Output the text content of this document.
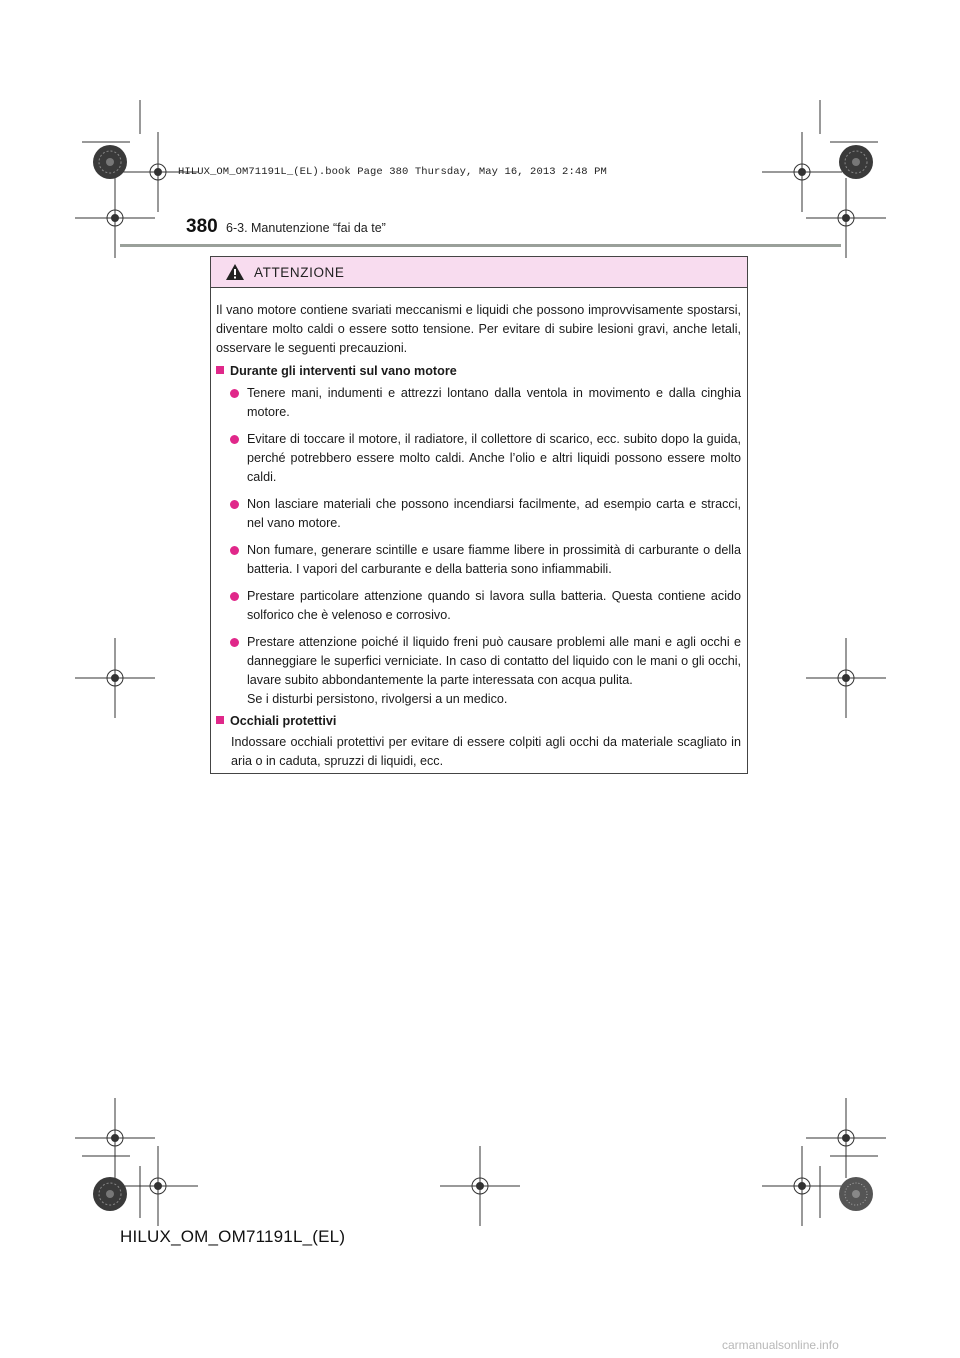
HILUX_OM_OM71191L_(EL).book Page 380 Thursday, May 16, 2013 2:48 PM
380 6-3. Manutenzione “fai da te”
ATTENZIONE

Il vano motore contiene svariati meccanismi e liquidi che possono improvvisamente spostarsi, diventare molto caldi o essere sotto tensione. Per evitare di subire lesioni gravi, anche letali, osservare le seguenti precauzioni.

Durante gli interventi sul vano motore
Tenere mani, indumenti e attrezzi lontano dalla ventola in movimento e dalla cinghia motore.
Evitare di toccare il motore, il radiatore, il collettore di scarico, ecc. subito dopo la guida, perché potrebbero essere molto caldi. Anche l’olio e altri liquidi possono essere molto caldi.
Non lasciare materiali che possono incendiarsi facilmente, ad esempio carta e stracci, nel vano motore.
Non fumare, generare scintille e usare fiamme libere in prossimità di carburante o della batteria. I vapori del carburante e della batteria sono infiammabili.
Prestare particolare attenzione quando si lavora sulla batteria. Questa contiene acido solforico che è velenoso e corrosivo.
Prestare attenzione poiché il liquido freni può causare problemi alle mani e agli occhi e danneggiare le superfici verniciate. In caso di contatto del liquido con le mani o gli occhi, lavare subito abbondantemente la parte interessata con acqua pulita.
Se i disturbi persistono, rivolgersi a un medico.
Occhiali protettivi
Indossare occhiali protettivi per evitare di essere colpiti agli occhi da materiale scagliato in aria o in caduta, spruzzi di liquidi, ecc.
HILUX_OM_OM71191L_(EL)
carmanualsonline.info
